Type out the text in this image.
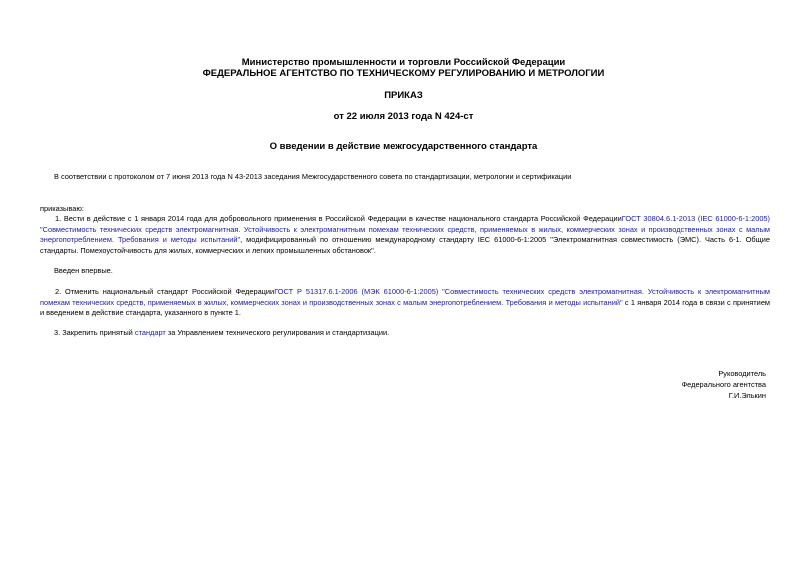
Министерство промышленности и торговли Российской Федерации
ФЕДЕРАЛЬНОЕ АГЕНТСТВО ПО ТЕХНИЧЕСКОМУ РЕГУЛИРОВАНИЮ И МЕТРОЛОГИИ
ПРИКАЗ
от 22 июля 2013 года N 424-ст
О введении в действие межгосударственного стандарта

В соответствии с протоколом от 7 июня 2013 года N 43-2013 заседания Межгосударственного совета по стандартизации, метрологии и сертификации

приказываю:

1. Вести в действие с 1 января 2014 года для добровольного применения в Российской Федерации в качестве национального стандарта Российской ФедерацииГОСТ 30804.6.1-2013 (IEC 61000-6-1:2005) "Совместимость технических средств электромагнитная. Устойчивость к электромагнитным помехам технических средств, применяемых в жилых, коммерческих зонах и производственных зонах с малым энергопотреблением. Требования и методы испытаний", модифицированный по отношению международному стандарту IEC 61000-6-1:2005 "Электромагнитная совместимость (ЭМС). Часть 6-1. Общие стандарты. Помехоустойчивость для жилых, коммерческих и легких промышленных обстановок".

Введен впервые.

2. Отменить национальный стандарт Российской ФедерацииГОСТ Р 51317.6.1-2006 (МЭК 61000-6-1:2005) "Совместимость технических средств электромагнитная. Устойчивость к электромагнитным помехам технических средств, применяемых в жилых, коммерческих зонах и производственных зонах с малым энергопотреблением. Требования и методы испытаний" с 1 января 2014 года в связи с принятием и введением в действие стандарта, указанного в пункте 1.

3. Закрепить принятый стандарт за Управлением технического регулирования и стандартизации.

Руководитель
Федерального агентства
Г.И.Элькин
